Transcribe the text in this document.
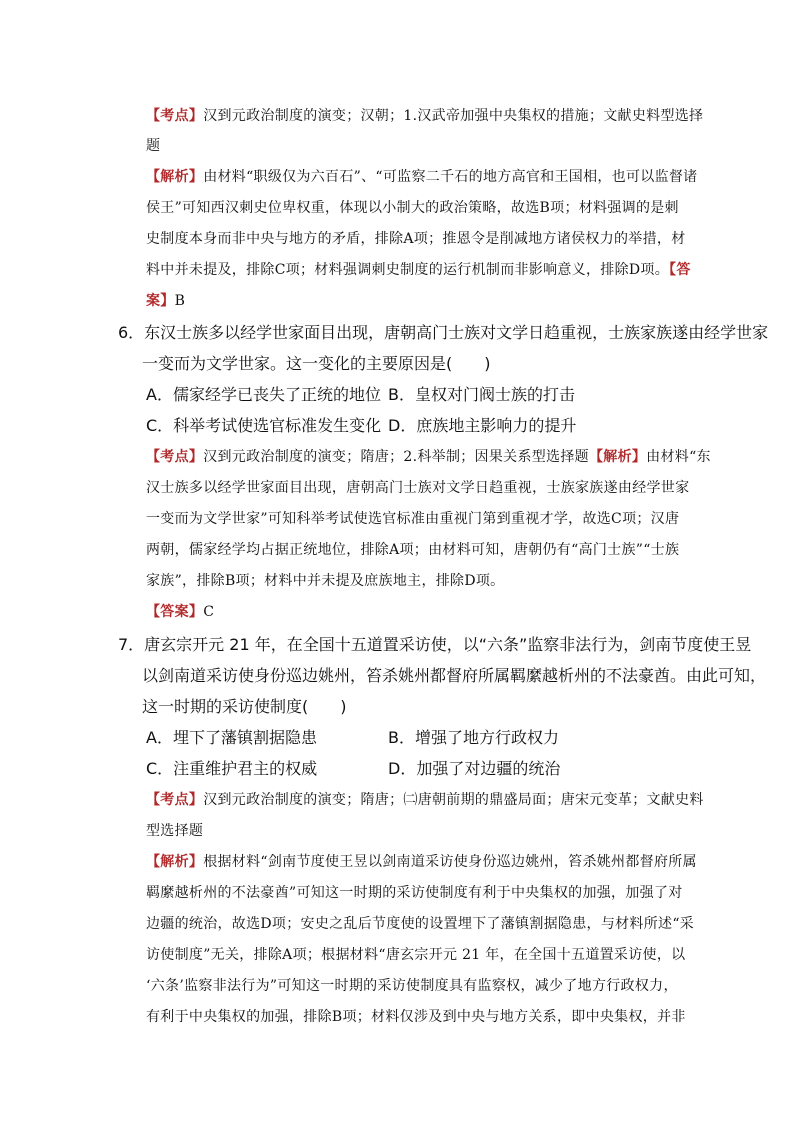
【考点】汉到元政治制度的演变；汉朝；1.汉武帝加强中央集权的措施；文献史料型选择
题
【解析】由材料“职级仅为六百石”、“可监察二千石的地方高官和王国相，也可以监督诸
侯王”可知西汉刺史位卑权重，体现以小制大的政治策略，故选B项；材料强调的是刺
史制度本身而非中央与地方的矛盾，排除A项；推恩令是削减地方诸侯权力的举措，材
料中并未提及，排除C项；材料强调刺史制度的运行机制而非影响意义，排除D项。【答
案】B
6．东汉士族多以经学世家面目出现，唐朝高门士族对文学日趋重视，士族家族遂由经学世家
一变而为文学世家。这一变化的主要原因是(　　)
A．儒家经学已丧失了正统的地位 B．皇权对门阀士族的打击
C．科举考试使选官标准发生变化 D．庶族地主影响力的提升
【考点】汉到元政治制度的演变；隋唐；2.科举制；因果关系型选择题【解析】由材料“东
汉士族多以经学世家面目出现，唐朝高门士族对文学日趋重视，士族家族遂由经学世家
一变而为文学世家”可知科举考试使选官标准由重视门第到重视才学，故选C项；汉唐
两朝，儒家经学均占据正统地位，排除A项；由材料可知，唐朝仍有“高门士族”“士族
家族”，排除B项；材料中并未提及庶族地主，排除D项。
【答案】C
7．唐玄宗开元 21 年，在全国十五道置采访使，以“六条”监察非法行为，剑南节度使王昱
以剑南道采访使身份巡边姚州，笞杀姚州都督府所属羁縻越析州的不法豪酋。由此可知，
这一时期的采访使制度(　　)
A．埋下了藩镇割据隐患	B．增强了地方行政权力
C．注重维护君主的权威	D．加强了对边疆的统治
【考点】汉到元政治制度的演变；隋唐；㈡唐朝前期的鼎盛局面；唐宋元变革；文献史料
型选择题
【解析】根据材料“剑南节度使王昱以剑南道采访使身份巡边姚州，笞杀姚州都督府所属
羁縻越析州的不法豪酋”可知这一时期的采访使制度有利于中央集权的加强，加强了对
边疆的统治，故选D项；安史之乱后节度使的设置埋下了藩镇割据隐患，与材料所述“采
访使制度”无关，排除A项；根据材料“唐玄宗开元 21 年，在全国十五道置采访使，以
‘六条’监察非法行为”可知这一时期的采访使制度具有监察权，减少了地方行政权力，
有利于中央集权的加强，排除B项；材料仅涉及到中央与地方关系，即中央集权，并非
